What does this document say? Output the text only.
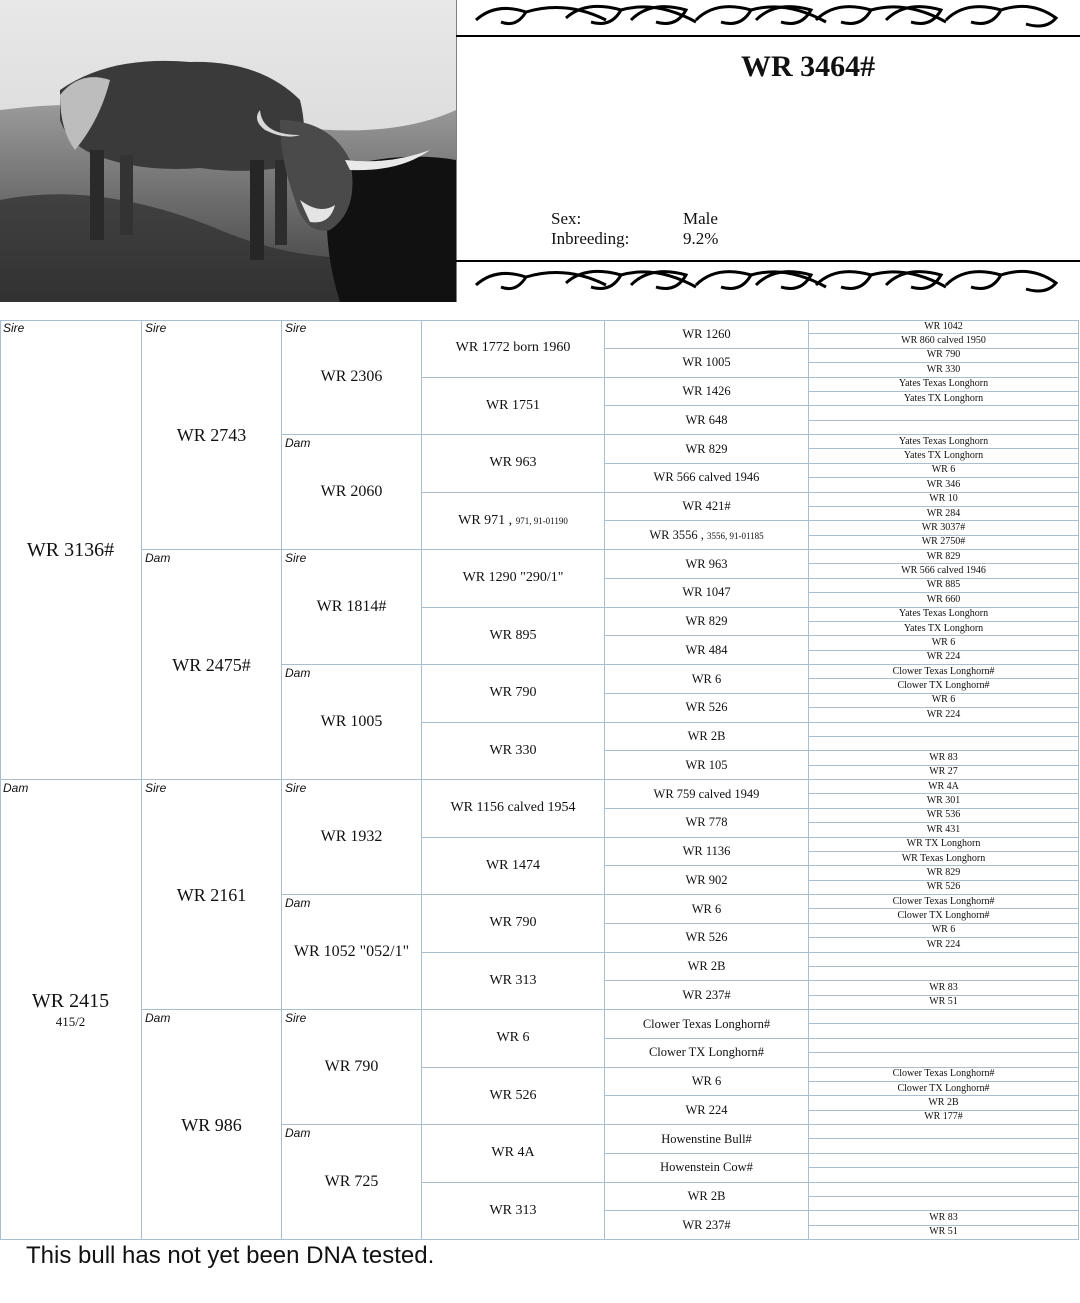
WR 3464#
Sex:	Male
Inbreeding:	9.2%
Sire
WR 3136#
Dam
WR 2415
415/2
Sire
WR 2743
Dam
WR 2475#
Sire
WR 2161
Dam
WR 986
Sire
WR 2306
Dam
WR 2060
Sire
WR 1814#
Dam
WR 1005
Sire
WR 1932
Dam
WR 1052 "052/1"
Sire
WR 790
Dam
WR 725
WR 1772 born 1960
WR 1751
WR 963
WR 971 , 971, 91-01190
WR 1290 "290/1"
WR 895
WR 790
WR 330
WR 1156 calved 1954
WR 1474
WR 790
WR 313
WR 6
WR 526
WR 4A
WR 313
WR 1260
WR 1005
WR 1426
WR 648
WR 829
WR 566 calved 1946
WR 421#
WR 3556 , 3556, 91-01185
WR 963
WR 1047
WR 829
WR 484
WR 6
WR 526
WR 2B
WR 105
WR 759 calved 1949
WR 778
WR 1136
WR 902
WR 6
WR 526
WR 2B
WR 237#
Clower Texas Longhorn#
Clower TX Longhorn#
WR 6
WR 224
Howenstine Bull#
Howenstein Cow#
WR 2B
WR 237#
WR 1042
WR 860 calved 1950
WR 790
WR 330
Yates Texas Longhorn
Yates TX Longhorn
Yates Texas Longhorn
Yates TX Longhorn
WR 6
WR 346
WR 10
WR 284
WR 3037#
WR 2750#
WR 829
WR 566 calved 1946
WR 885
WR 660
Yates Texas Longhorn
Yates TX Longhorn
WR 6
WR 224
Clower Texas Longhorn#
Clower TX Longhorn#
WR 6
WR 224
WR 83
WR 27
WR 4A
WR 301
WR 536
WR 431
WR TX Longhorn
WR Texas Longhorn
WR 829
WR 526
Clower Texas Longhorn#
Clower TX Longhorn#
WR 6
WR 224
WR 83
WR 51
Clower Texas Longhorn#
Clower TX Longhorn#
WR 2B
WR 177#
WR 83
WR 51
This bull has not yet been DNA tested.
